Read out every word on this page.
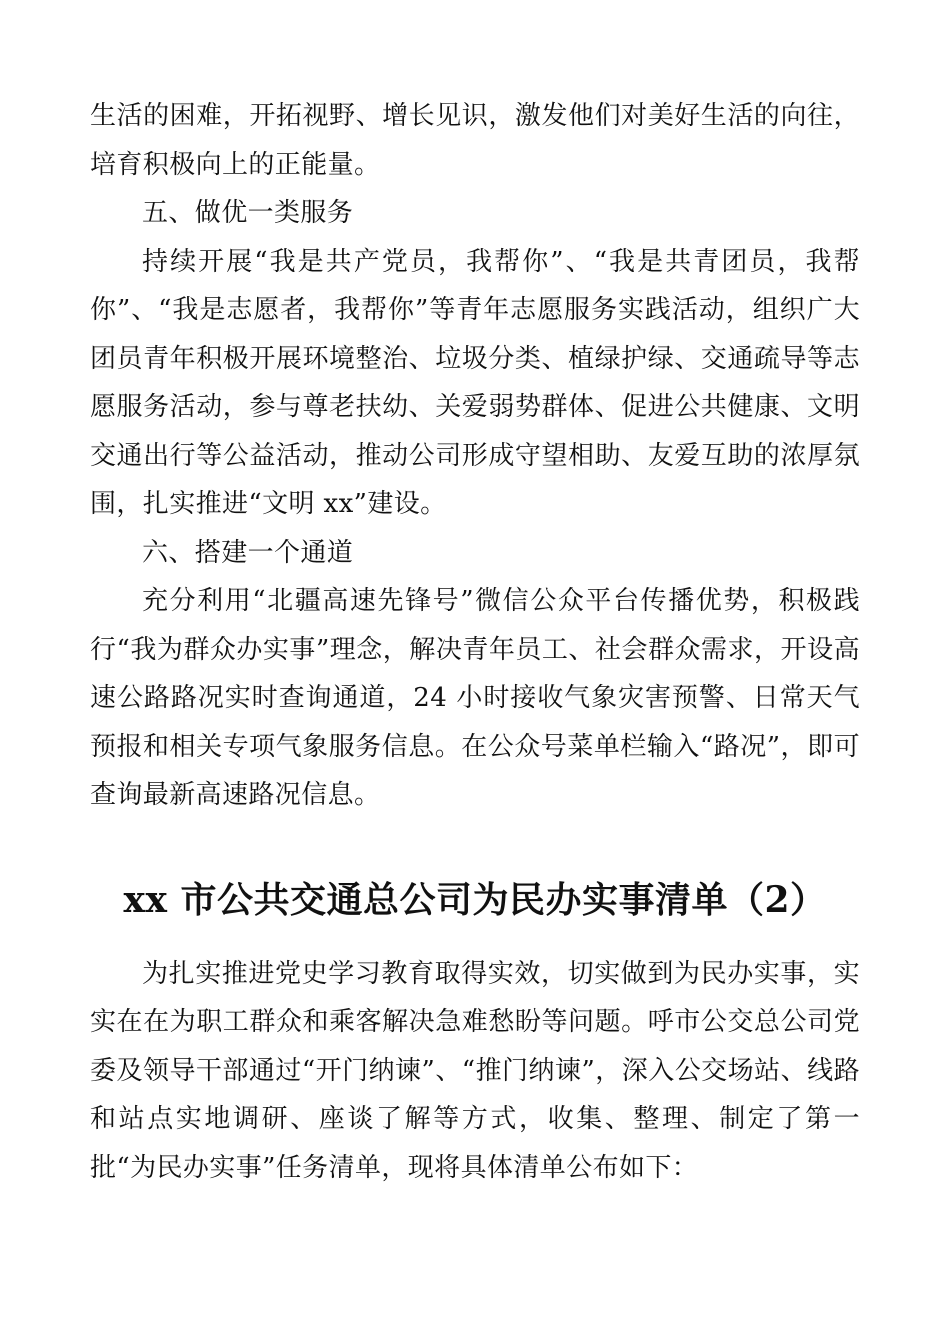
生活的困难，开拓视野、增长见识，激发他们对美好生活的向往，培育积极向上的正能量。

五、做优一类服务

持续开展“我是共产党员，我帮你”、“我是共青团员，我帮你”、“我是志愿者，我帮你”等青年志愿服务实践活动，组织广大团员青年积极开展环境整治、垃圾分类、植绿护绿、交通疏导等志愿服务活动，参与尊老扶幼、关爱弱势群体、促进公共健康、文明交通出行等公益活动，推动公司形成守望相助、友爱互助的浓厚氛围，扎实推进“文明 xx”建设。

六、搭建一个通道

充分利用“北疆高速先锋号”微信公众平台传播优势，积极践行“我为群众办实事”理念，解决青年员工、社会群众需求，开设高速公路路况实时查询通道，24 小时接收气象灾害预警、日常天气预报和相关专项气象服务信息。在公众号菜单栏输入“路况”，即可查询最新高速路况信息。

xx 市公共交通总公司为民办实事清单（2）

为扎实推进党史学习教育取得实效，切实做到为民办实事，实实在在为职工群众和乘客解决急难愁盼等问题。呼市公交总公司党委及领导干部通过“开门纳谏”、“推门纳谏”，深入公交场站、线路和站点实地调研、座谈了解等方式，收集、整理、制定了第一批“为民办实事”任务清单，现将具体清单公布如下：
